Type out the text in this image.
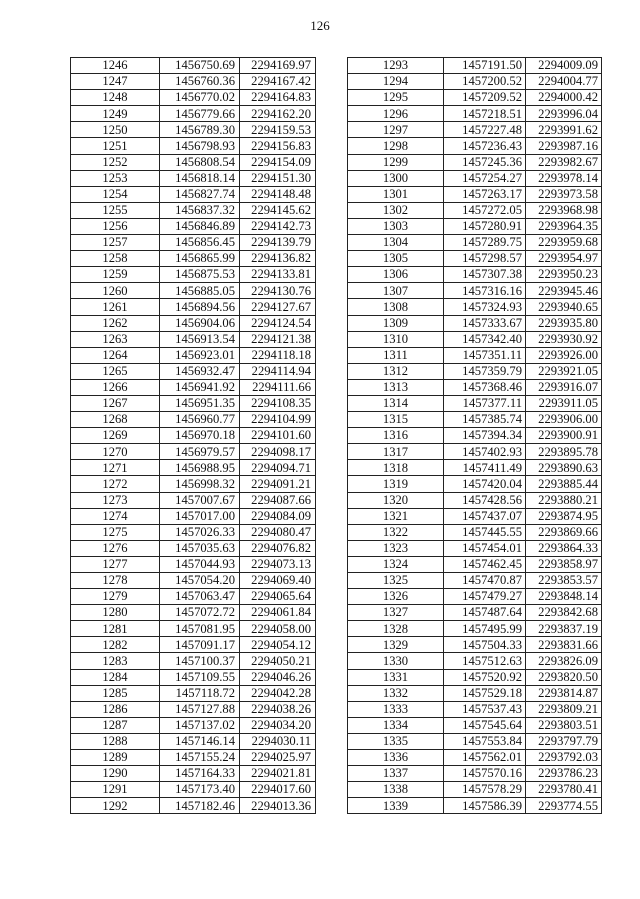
126
1246	1456750.69	2294169.97
1247	1456760.36	2294167.42
1248	1456770.02	2294164.83
1249	1456779.66	2294162.20
1250	1456789.30	2294159.53
1251	1456798.93	2294156.83
1252	1456808.54	2294154.09
1253	1456818.14	2294151.30
1254	1456827.74	2294148.48
1255	1456837.32	2294145.62
1256	1456846.89	2294142.73
1257	1456856.45	2294139.79
1258	1456865.99	2294136.82
1259	1456875.53	2294133.81
1260	1456885.05	2294130.76
1261	1456894.56	2294127.67
1262	1456904.06	2294124.54
1263	1456913.54	2294121.38
1264	1456923.01	2294118.18
1265	1456932.47	2294114.94
1266	1456941.92	2294111.66
1267	1456951.35	2294108.35
1268	1456960.77	2294104.99
1269	1456970.18	2294101.60
1270	1456979.57	2294098.17
1271	1456988.95	2294094.71
1272	1456998.32	2294091.21
1273	1457007.67	2294087.66
1274	1457017.00	2294084.09
1275	1457026.33	2294080.47
1276	1457035.63	2294076.82
1277	1457044.93	2294073.13
1278	1457054.20	2294069.40
1279	1457063.47	2294065.64
1280	1457072.72	2294061.84
1281	1457081.95	2294058.00
1282	1457091.17	2294054.12
1283	1457100.37	2294050.21
1284	1457109.55	2294046.26
1285	1457118.72	2294042.28
1286	1457127.88	2294038.26
1287	1457137.02	2294034.20
1288	1457146.14	2294030.11
1289	1457155.24	2294025.97
1290	1457164.33	2294021.81
1291	1457173.40	2294017.60
1292	1457182.46	2294013.36
1293	1457191.50	2294009.09
1294	1457200.52	2294004.77
1295	1457209.52	2294000.42
1296	1457218.51	2293996.04
1297	1457227.48	2293991.62
1298	1457236.43	2293987.16
1299	1457245.36	2293982.67
1300	1457254.27	2293978.14
1301	1457263.17	2293973.58
1302	1457272.05	2293968.98
1303	1457280.91	2293964.35
1304	1457289.75	2293959.68
1305	1457298.57	2293954.97
1306	1457307.38	2293950.23
1307	1457316.16	2293945.46
1308	1457324.93	2293940.65
1309	1457333.67	2293935.80
1310	1457342.40	2293930.92
1311	1457351.11	2293926.00
1312	1457359.79	2293921.05
1313	1457368.46	2293916.07
1314	1457377.11	2293911.05
1315	1457385.74	2293906.00
1316	1457394.34	2293900.91
1317	1457402.93	2293895.78
1318	1457411.49	2293890.63
1319	1457420.04	2293885.44
1320	1457428.56	2293880.21
1321	1457437.07	2293874.95
1322	1457445.55	2293869.66
1323	1457454.01	2293864.33
1324	1457462.45	2293858.97
1325	1457470.87	2293853.57
1326	1457479.27	2293848.14
1327	1457487.64	2293842.68
1328	1457495.99	2293837.19
1329	1457504.33	2293831.66
1330	1457512.63	2293826.09
1331	1457520.92	2293820.50
1332	1457529.18	2293814.87
1333	1457537.43	2293809.21
1334	1457545.64	2293803.51
1335	1457553.84	2293797.79
1336	1457562.01	2293792.03
1337	1457570.16	2293786.23
1338	1457578.29	2293780.41
1339	1457586.39	2293774.55
